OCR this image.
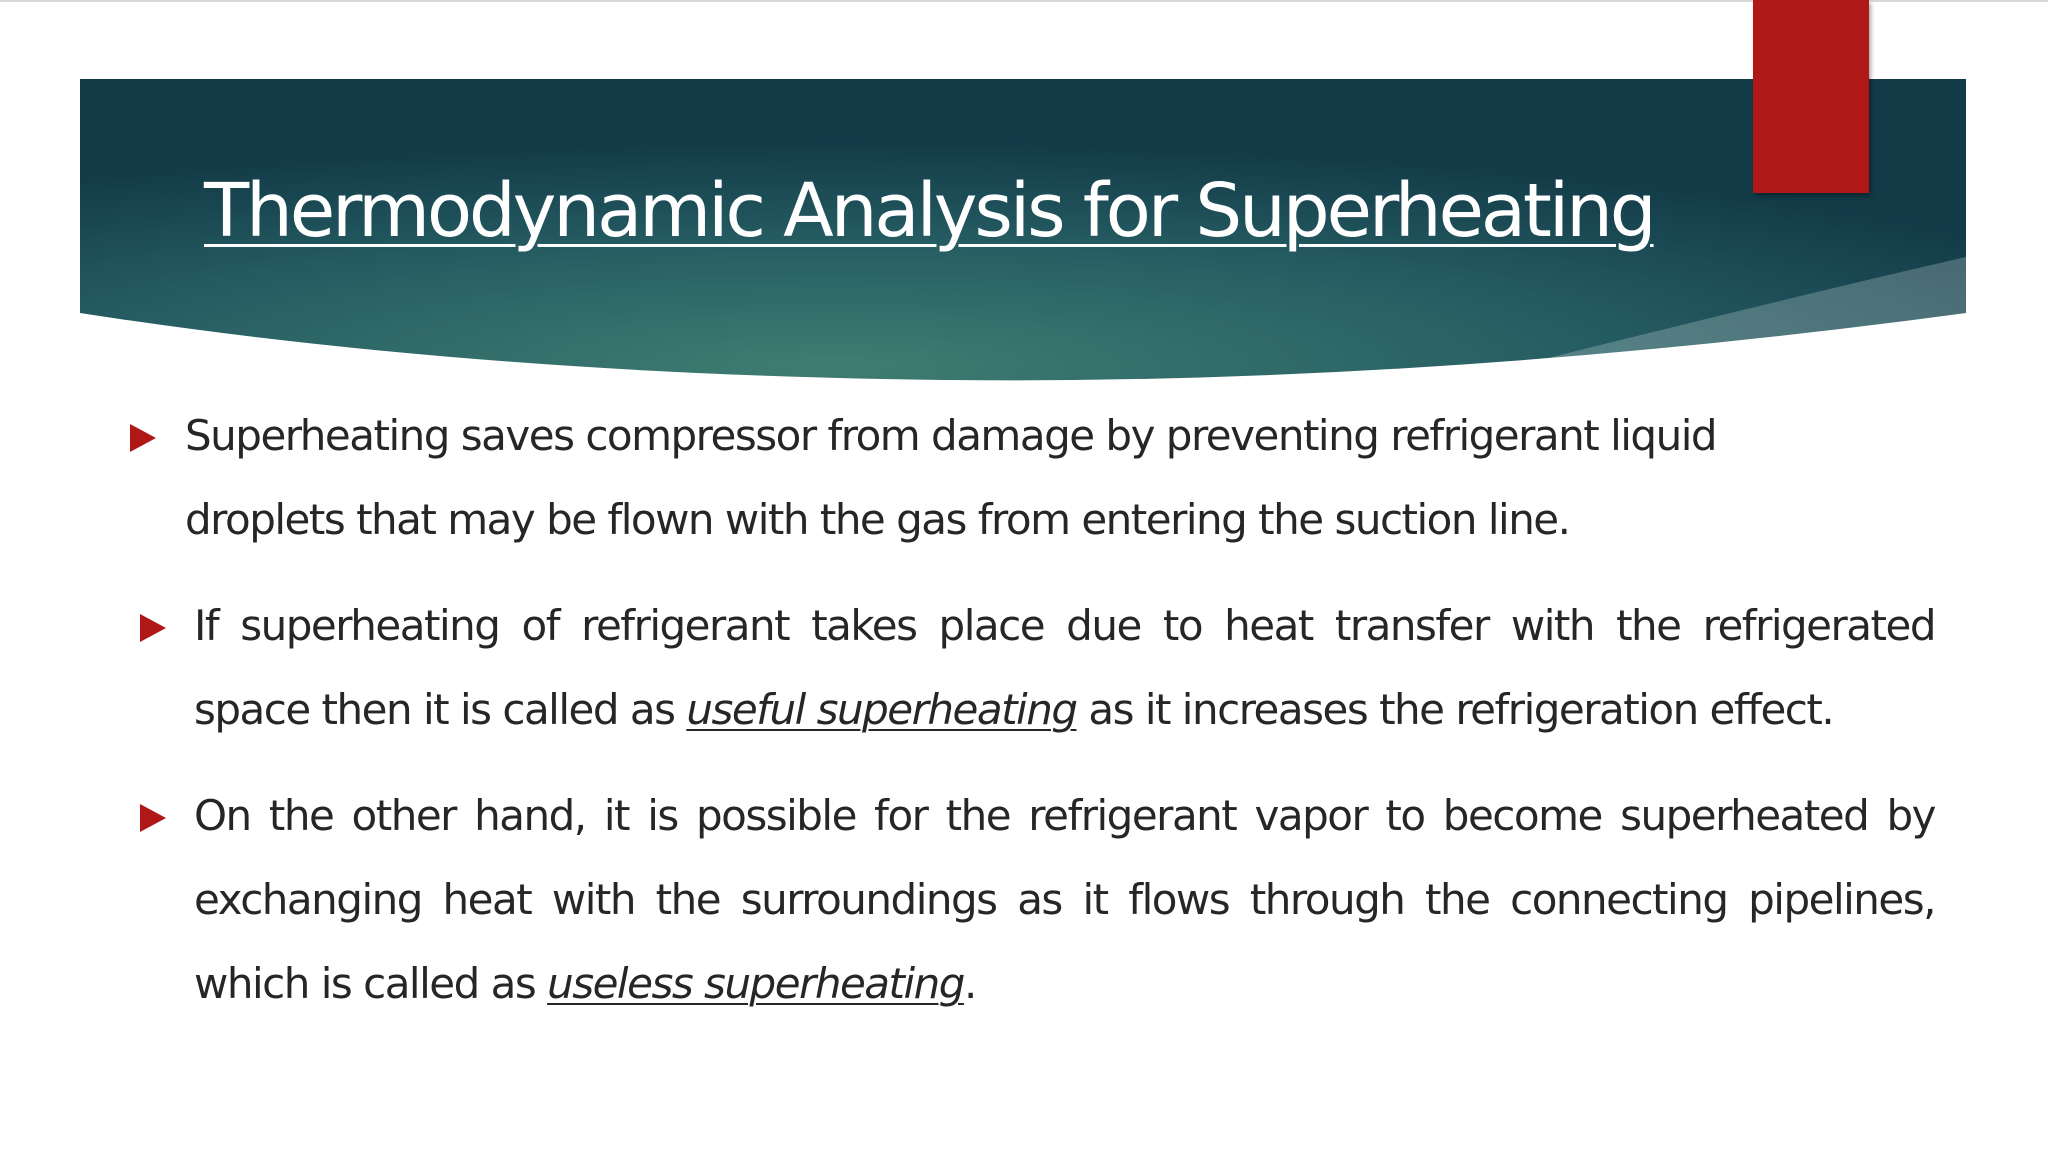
Thermodynamic Analysis for Superheating

Superheating saves compressor from damage by preventing refrigerant liquid droplets that may be flown with the gas from entering the suction line.

If superheating of refrigerant takes place due to heat transfer with the refrigerated space then it is called as useful superheating as it increases the refrigeration effect.

On the other hand, it is possible for the refrigerant vapor to become superheated by exchanging heat with the surroundings as it flows through the connecting pipelines, which is called as useless superheating.
